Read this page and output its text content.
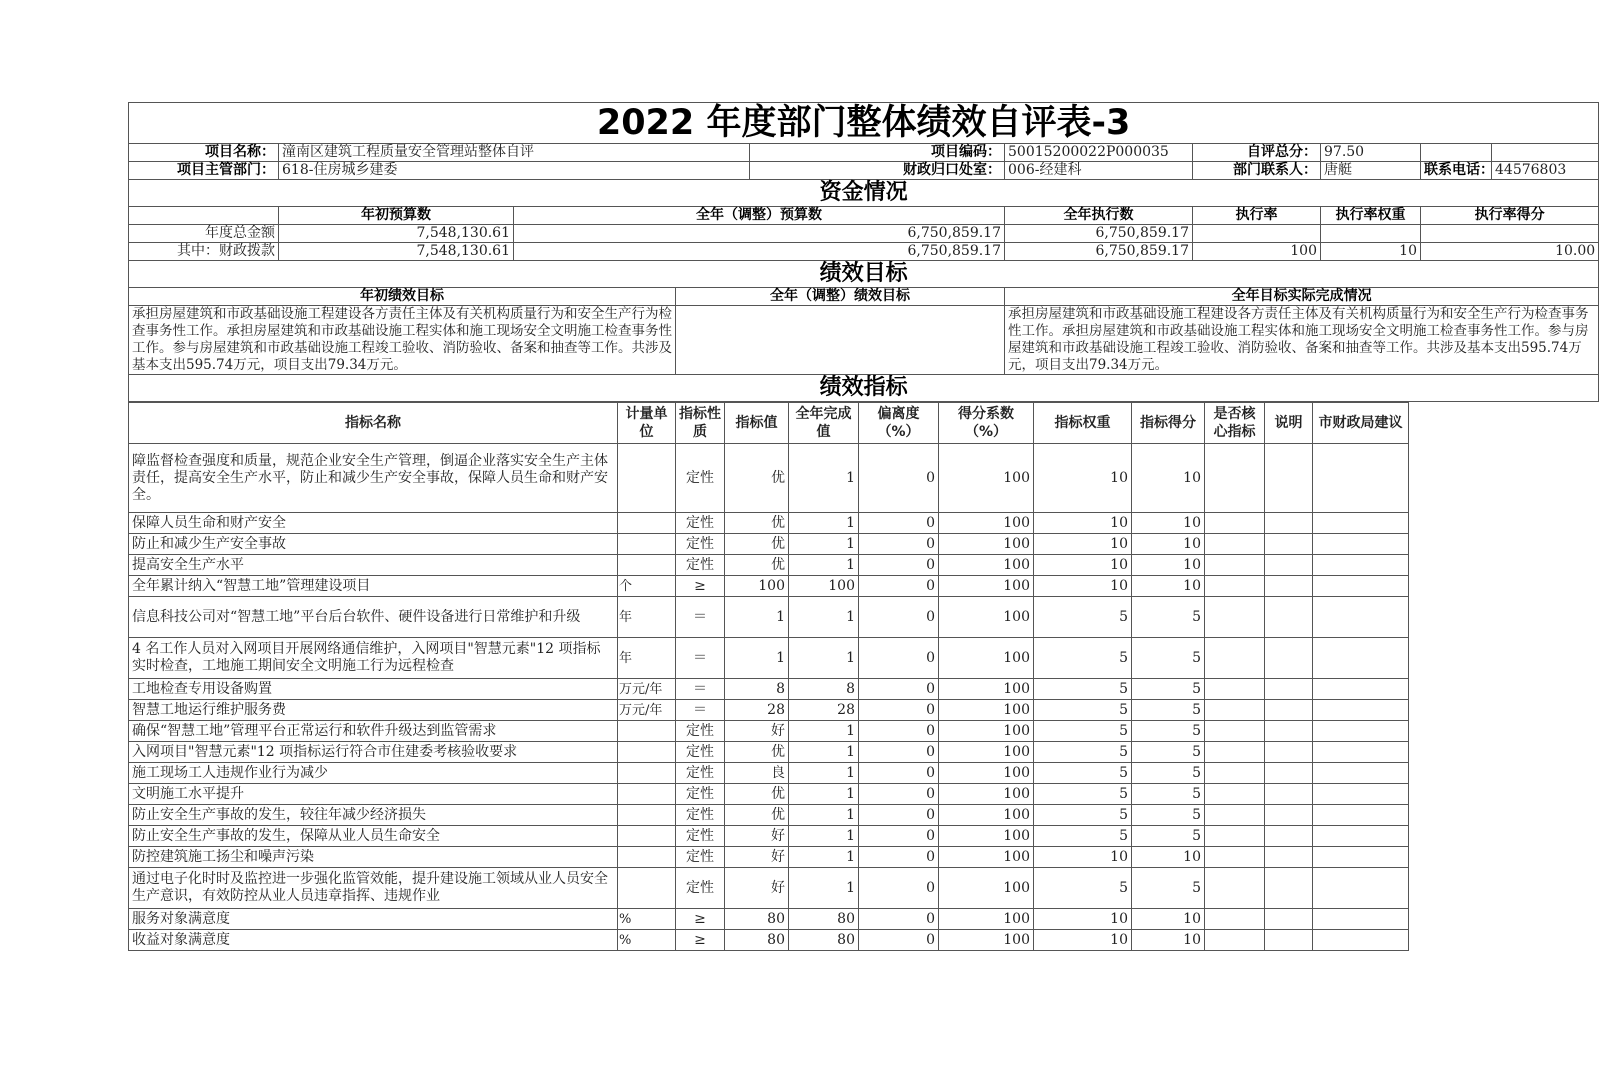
2022 年度部门整体绩效自评表-3									
项目名称：	潼南区建筑工程质量安全管理站整体自评			项目编码：	50015200022P000035	自评总分：	97.50		
项目主管部门：	618-住房城乡建委			财政归口处室：	006-经建科	部门联系人：	唐艇	联系电话：	44576803
资金情况									
	年初预算数	全年（调整）预算数			全年执行数	执行率	执行率权重	执行率得分	
年度总金额	7,548,130.61	6,750,859.17			6,750,859.17				
其中：财政拨款	7,548,130.61	6,750,859.17			6,750,859.17	100	10	10.00	
绩效目标									
年初绩效目标			全年（调整）绩效目标		全年目标实际完成情况				
承担房屋建筑和市政基础设施工程建设各方责任主体及有关机构质量行为和安全生产行为检查事务性工作。承担房屋建筑和市政基础设施工程实体和施工现场安全文明施工检查事务性工作。参与房屋建筑和市政基础设施工程竣工验收、消防验收、备案和抽查等工作。共涉及基本支出595.74万元，项目支出79.34万元。					承担房屋建筑和市政基础设施工程建设各方责任主体及有关机构质量行为和安全生产行为检查事务性工作。承担房屋建筑和市政基础设施工程实体和施工现场安全文明施工检查事务性工作。参与房屋建筑和市政基础设施工程竣工验收、消防验收、备案和抽查等工作。共涉及基本支出595.74万元，项目支出79.34万元。				
绩效指标									
指标名称	计量单位	指标性质	指标值	全年完成值	偏离度（%）	得分系数（%）	指标权重	指标得分	是否核心指标	说明	市财政局建议
障监督检查强度和质量，规范企业安全生产管理，倒逼企业落实安全生产主体责任，提高安全生产水平，防止和减少生产安全事故，保障人员生命和财产安全。		定性	优	1	0	100	10	10			
保障人员生命和财产安全		定性	优	1	0	100	10	10			
防止和减少生产安全事故		定性	优	1	0	100	10	10			
提高安全生产水平		定性	优	1	0	100	10	10			
全年累计纳入“智慧工地”管理建设项目	个	≥	100	100	0	100	10	10			
信息科技公司对“智慧工地”平台后台软件、硬件设备进行日常维护和升级	年	＝	1	1	0	100	5	5			
4 名工作人员对入网项目开展网络通信维护，入网项目"智慧元素"12 项指标实时检查，工地施工期间安全文明施工行为远程检查	年	＝	1	1	0	100	5	5			
工地检查专用设备购置	万元/年	＝	8	8	0	100	5	5			
智慧工地运行维护服务费	万元/年	＝	28	28	0	100	5	5			
确保“智慧工地”管理平台正常运行和软件升级达到监管需求		定性	好	1	0	100	5	5			
入网项目"智慧元素"12 项指标运行符合市住建委考核验收要求		定性	优	1	0	100	5	5			
施工现场工人违规作业行为减少		定性	良	1	0	100	5	5			
文明施工水平提升		定性	优	1	0	100	5	5			
防止安全生产事故的发生，较往年减少经济损失		定性	优	1	0	100	5	5			
防止安全生产事故的发生，保障从业人员生命安全		定性	好	1	0	100	5	5			
防控建筑施工扬尘和噪声污染		定性	好	1	0	100	10	10			
通过电子化时时及监控进一步强化监管效能，提升建设施工领域从业人员安全生产意识，有效防控从业人员违章指挥、违规作业		定性	好	1	0	100	5	5			
服务对象满意度	%	≥	80	80	0	100	10	10			
收益对象满意度	%	≥	80	80	0	100	10	10			
